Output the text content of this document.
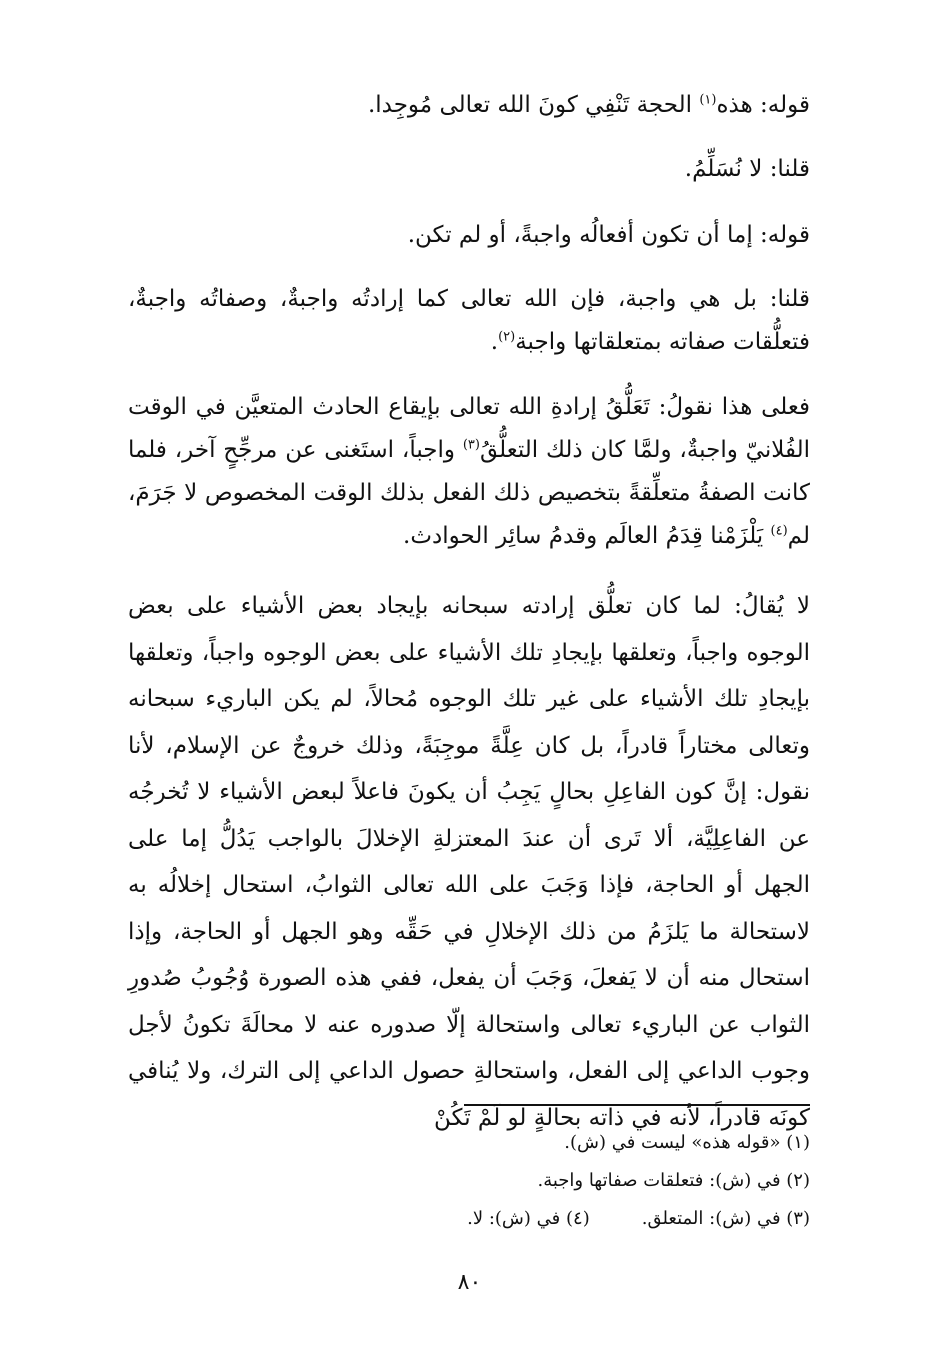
قوله: هذه$^{(١)}$ الحجة تَنْفِي كونَ الله تعالى مُوجِدا.
قلنا: لا نُسَلِّمُ.
قوله: إما أن تكون أفعالُه واجبةً، أو لم تكن.
قلنا: بل هي واجبة، فإن الله تعالى كما إرادتُه واجبةٌ، وصفاتُه واجبةٌ، فتعلُّقات صفاته بمتعلقاتها واجبة$^{(٢)}$.
فعلى هذا نقولُ: تَعَلُّقُ إرادةِ الله تعالى بإيقاع الحادث المتعيَّن في الوقت الفُلانيّ واجبةٌ، ولمَّا كان ذلك التعلُّقُ$^{(٣)}$ واجباً، استَغنى عن مرجِّحٍ آخر، فلما كانت الصفةُ متعلِّقةً بتخصيص ذلك الفعل بذلك الوقت المخصوص لا جَرَمَ، لم$^{(٤)}$ يَلْزَمْنا قِدَمُ العالَم وقدمُ سائِر الحوادث.
لا يُقالُ: لما كان تعلُّق إرادته سبحانه بإيجاد بعض الأشياء على بعض الوجوه واجباً، وتعلقها بإيجادِ تلك الأشياء على بعض الوجوه واجباً، وتعلقها بإيجادِ تلك الأشياء على غير تلك الوجوه مُحالاً، لم يكن الباريء سبحانه وتعالى مختاراً قادراً، بل كان عِلَّةً موجِبَةً، وذلك خروجٌ عن الإسلام، لأنا نقول: إنَّ كون الفاعِلِ بحالٍ يَجِبُ أن يكونَ فاعلاً لبعض الأشياء لا تُخرجُه عن الفاعِلِيَّة، ألا تَرى أن عندَ المعتزلةِ الإخلالَ بالواجب يَدُلُّ إما على الجهل أو الحاجة، فإذا وَجَبَ على الله تعالى الثوابُ، استحال إخلالُه به لاستحالة ما يَلزَمُ من ذلك الإخلالِ في حَقِّه وهو الجهل أو الحاجة، وإذا استحال منه أن لا يَفعلَ، وَجَبَ أن يفعل، ففي هذه الصورة وُجُوبُ صُدورِ الثواب عن الباريء تعالى واستحالة إلّا صدوره عنه لا محالَةَ تكونُ لأجل وجوب الداعي إلى الفعل، واستحالةِ حصول الداعي إلى الترك، ولا يُنافي كونَه قادراً، لأنه في ذاته بحالةٍ لو لَمْ تَكُنْ
(١) «قوله هذه» ليست في (ش).
(٢) في (ش): فتعلقات صفاتها واجبة.
(٣) في (ش): المتعلق.(٤) في (ش): لا.
٨٠
